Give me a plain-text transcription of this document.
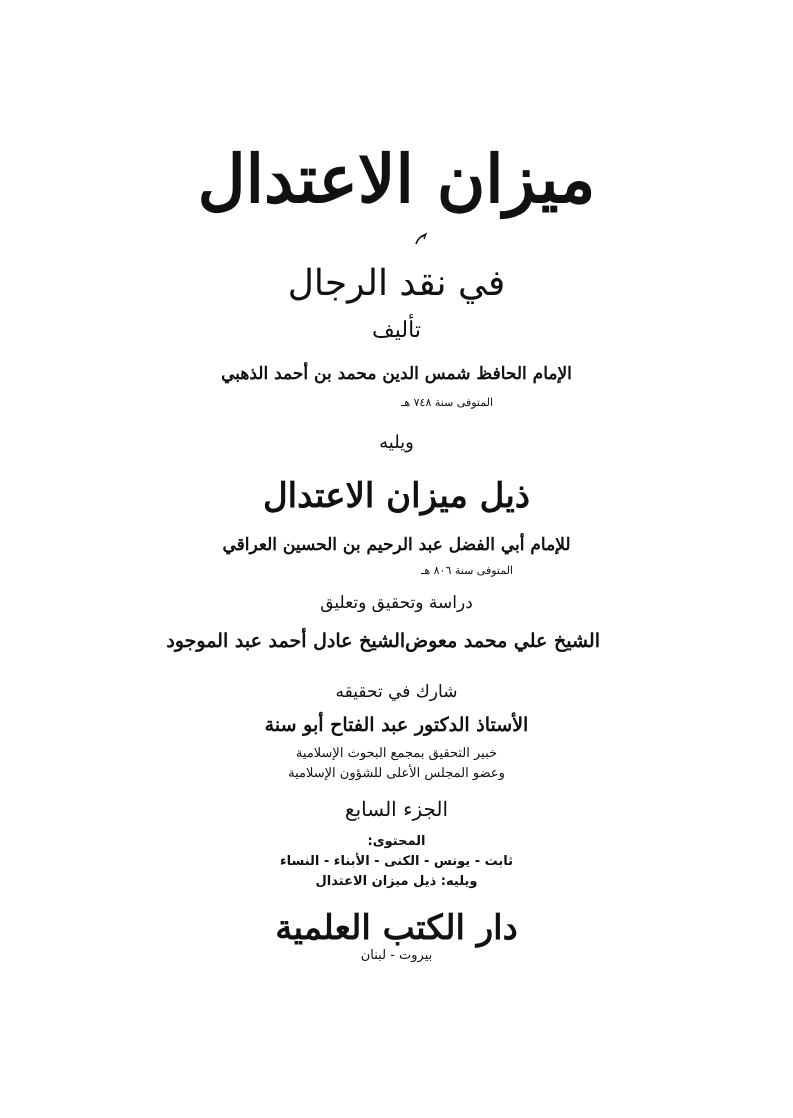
ميزان الاعتدال
في نقد الرجال
تأليف
الإمام الحافظ شمس الدين محمد بن أحمد الذهبي
المتوفى سنة ٧٤٨ هـ
ويليه
ذيل ميزان الاعتدال
للإمام أبي الفضل عبد الرحيم بن الحسين العراقي
المتوفى سنة ٨٠٦ هـ
دراسة وتحقيق وتعليق
الشيخ علي محمد معوض
الشيخ عادل أحمد عبد الموجود
شارك في تحقيقه
الأستاذ الدكتور عبد الفتاح أبو سنة
خبير التحقيق بمجمع البحوث الإسلامية
وعضو المجلس الأعلى للشؤون الإسلامية
الجزء السابع
المحتوى:
ثابت - يونس - الكنى - الأبناء - النساء
ويليه: ذيل ميزان الاعتدال
دار الكتب العلمية
بيروت - لبنان
